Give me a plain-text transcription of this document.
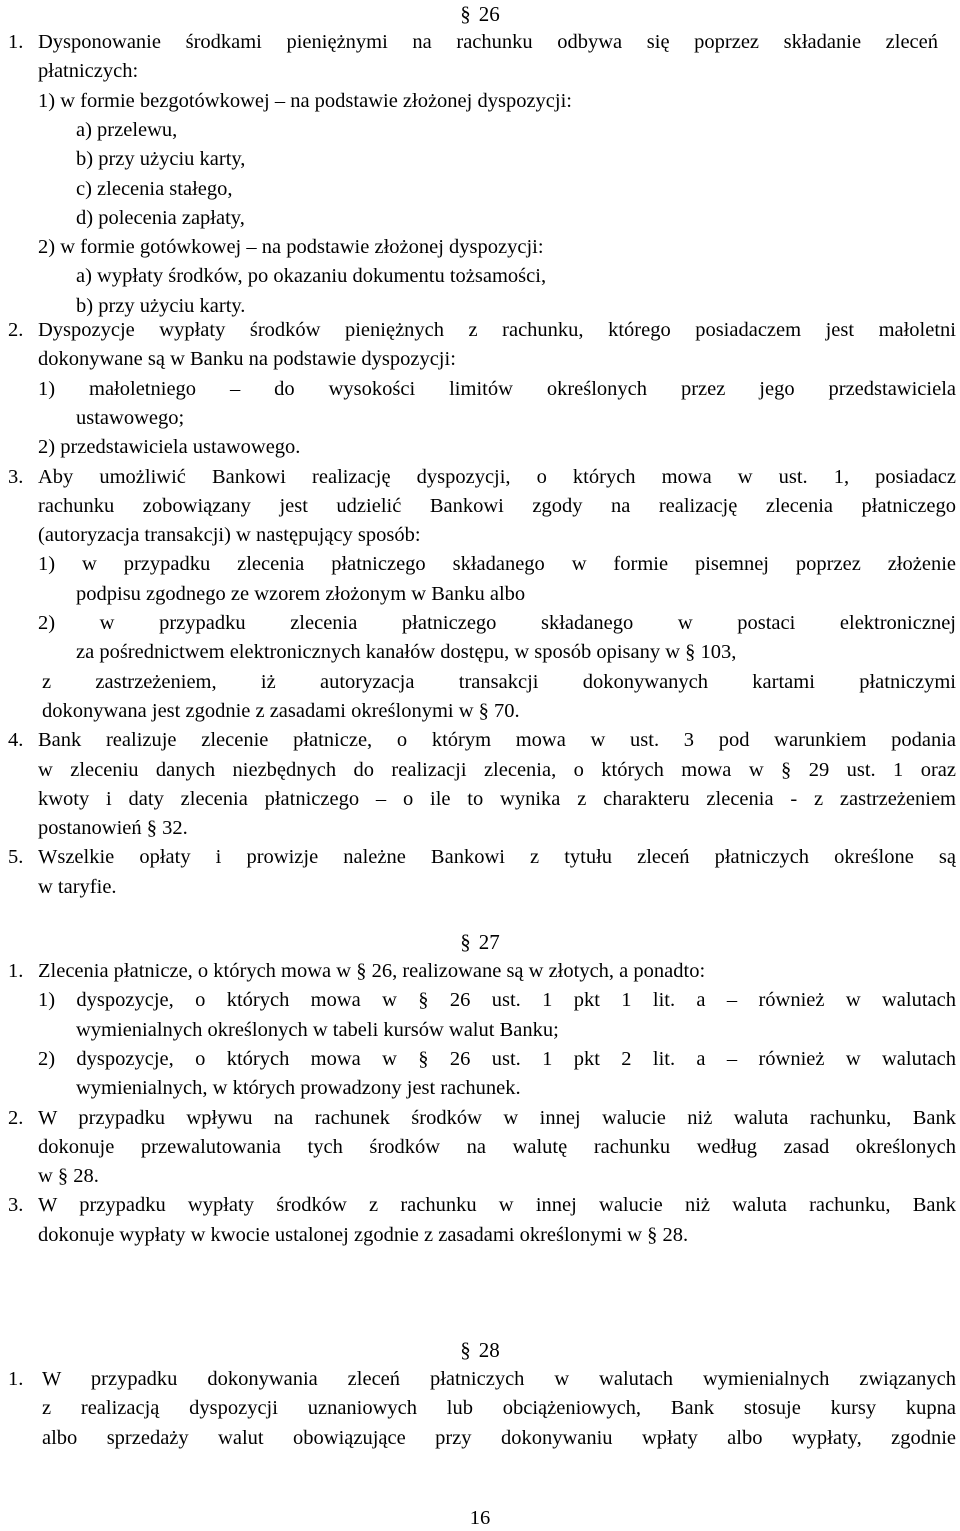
§ 26
1. Dysponowanie środkami pieniężnymi na rachunku odbywa się poprzez składanie zleceń
płatniczych:
1) w formie bezgotówkowej – na podstawie złożonej dyspozycji:
a) przelewu,
b) przy użyciu karty,
c) zlecenia stałego,
d) polecenia zapłaty,
2) w formie gotówkowej – na podstawie złożonej dyspozycji:
a) wypłaty środków, po okazaniu dokumentu tożsamości,
b) przy użyciu karty.
2. Dyspozycje wypłaty środków pieniężnych z rachunku, którego posiadaczem jest małoletni
dokonywane są w Banku na podstawie dyspozycji:
1) małoletniego – do wysokości limitów określonych przez jego przedstawiciela
ustawowego;
2) przedstawiciela ustawowego.
3. Aby umożliwić Bankowi realizację dyspozycji, o których mowa w ust. 1, posiadacz
rachunku zobowiązany jest udzielić Bankowi zgody na realizację zlecenia płatniczego
(autoryzacja transakcji) w następujący sposób:
1) w przypadku zlecenia płatniczego składanego w formie pisemnej poprzez złożenie
podpisu zgodnego ze wzorem złożonym w Banku albo
2) w przypadku zlecenia płatniczego składanego w postaci elektronicznej
za pośrednictwem elektronicznych kanałów dostępu, w sposób opisany w § 103,
z zastrzeżeniem, iż autoryzacja transakcji dokonywanych kartami płatniczymi
dokonywana jest zgodnie z zasadami określonymi w § 70.
4. Bank realizuje zlecenie płatnicze, o którym mowa w ust. 3 pod warunkiem podania
w zleceniu danych niezbędnych do realizacji zlecenia, o których mowa w § 29 ust. 1 oraz
kwoty i daty zlecenia płatniczego – o ile to wynika z charakteru zlecenia - z zastrzeżeniem
postanowień § 32.
5. Wszelkie opłaty i prowizje należne Bankowi z tytułu zleceń płatniczych określone są
w taryfie.
§ 27
1. Zlecenia płatnicze, o których mowa w § 26, realizowane są w złotych, a ponadto:
1) dyspozycje, o których mowa w § 26 ust. 1 pkt 1 lit. a – również w walutach
wymienialnych określonych w tabeli kursów walut Banku;
2) dyspozycje, o których mowa w § 26 ust. 1 pkt 2 lit. a – również w walutach
wymienialnych, w których prowadzony jest rachunek.
2. W przypadku wpływu na rachunek środków w innej walucie niż waluta rachunku, Bank
dokonuje przewalutowania tych środków na walutę rachunku według zasad określonych
w § 28.
3. W przypadku wypłaty środków z rachunku w innej walucie niż waluta rachunku, Bank
dokonuje wypłaty w kwocie ustalonej zgodnie z zasadami określonymi w § 28.
§ 28
1. W przypadku dokonywania zleceń płatniczych w walutach wymienialnych związanych
z realizacją dyspozycji uznaniowych lub obciążeniowych, Bank stosuje kursy kupna
albo sprzedaży walut obowiązujące przy dokonywaniu wpłaty albo wypłaty, zgodnie
16
